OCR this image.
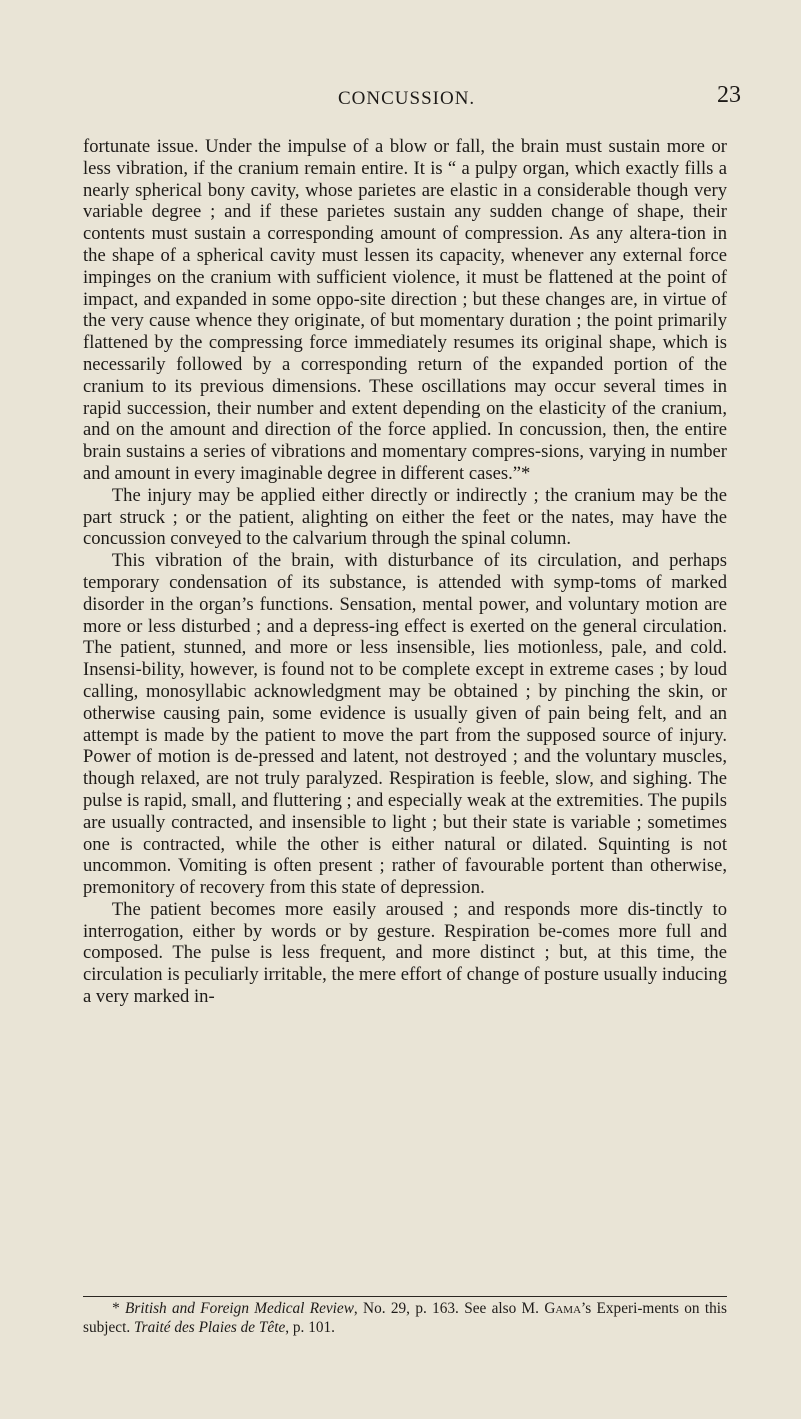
CONCUSSION.	23

fortunate issue. Under the impulse of a blow or fall, the brain must sustain more or less vibration, if the cranium remain entire. It is “ a pulpy organ, which exactly fills a nearly spherical bony cavity, whose parietes are elastic in a considerable though very variable degree ; and if these parietes sustain any sudden change of shape, their contents must sustain a corresponding amount of compression. As any altera-tion in the shape of a spherical cavity must lessen its capacity, whenever any external force impinges on the cranium with sufficient violence, it must be flattened at the point of impact, and expanded in some oppo-site direction ; but these changes are, in virtue of the very cause whence they originate, of but momentary duration ; the point primarily flattened by the compressing force immediately resumes its original shape, which is necessarily followed by a corresponding return of the expanded portion of the cranium to its previous dimensions. These oscillations may occur several times in rapid succession, their number and extent depending on the elasticity of the cranium, and on the amount and direction of the force applied. In concussion, then, the entire brain sustains a series of vibrations and momentary compres-sions, varying in number and amount in every imaginable degree in different cases.”*

The injury may be applied either directly or indirectly ; the cranium may be the part struck ; or the patient, alighting on either the feet or the nates, may have the concussion conveyed to the calvarium through the spinal column.

This vibration of the brain, with disturbance of its circulation, and perhaps temporary condensation of its substance, is attended with symp-toms of marked disorder in the organ’s functions. Sensation, mental power, and voluntary motion are more or less disturbed ; and a depress-ing effect is exerted on the general circulation. The patient, stunned, and more or less insensible, lies motionless, pale, and cold. Insensi-bility, however, is found not to be complete except in extreme cases ; by loud calling, monosyllabic acknowledgment may be obtained ; by pinching the skin, or otherwise causing pain, some evidence is usually given of pain being felt, and an attempt is made by the patient to move the part from the supposed source of injury. Power of motion is de-pressed and latent, not destroyed ; and the voluntary muscles, though relaxed, are not truly paralyzed. Respiration is feeble, slow, and sighing. The pulse is rapid, small, and fluttering ; and especially weak at the extremities. The pupils are usually contracted, and insensible to light ; but their state is variable ; sometimes one is contracted, while the other is either natural or dilated. Squinting is not uncommon. Vomiting is often present ; rather of favourable portent than otherwise, premonitory of recovery from this state of depression.

The patient becomes more easily aroused ; and responds more dis-tinctly to interrogation, either by words or by gesture. Respiration be-comes more full and composed. The pulse is less frequent, and more distinct ; but, at this time, the circulation is peculiarly irritable, the mere effort of change of posture usually inducing a very marked in-

* British and Foreign Medical Review, No. 29, p. 163. See also M. Gama’s Experi-ments on this subject. Traité des Plaies de Tête, p. 101.
